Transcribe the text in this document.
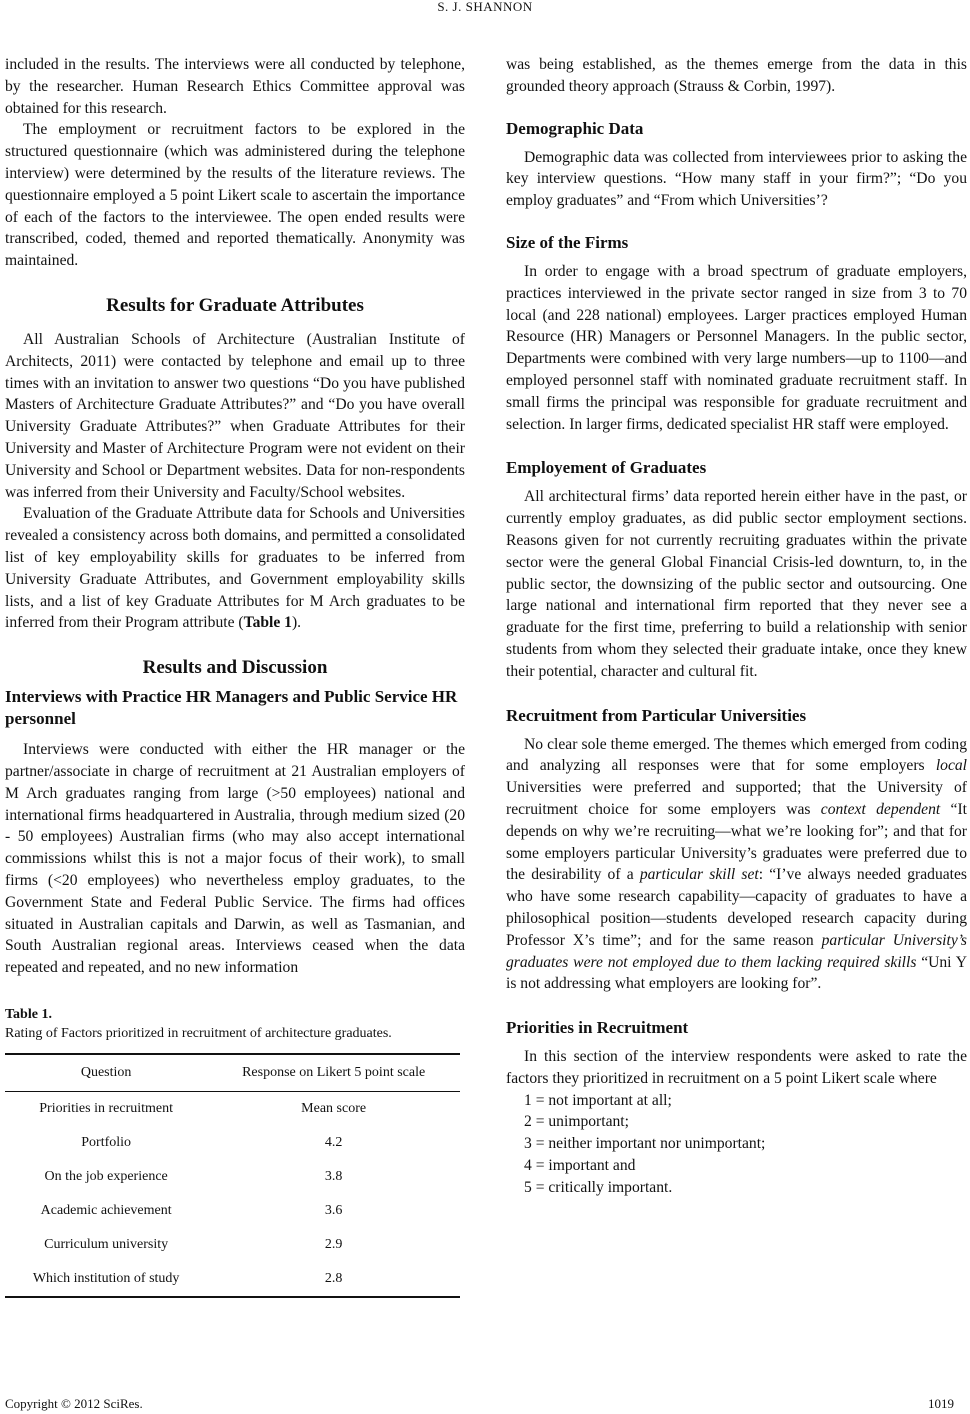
S. J. SHANNON

included in the results. The interviews were all conducted by telephone, by the researcher. Human Research Ethics Committee approval was obtained for this research.

The employment or recruitment factors to be explored in the structured questionnaire (which was administered during the telephone interview) were determined by the results of the literature reviews. The questionnaire employed a 5 point Likert scale to ascertain the importance of each of the factors to the interviewee. The open ended results were transcribed, coded, themed and reported thematically. Anonymity was maintained.

Results for Graduate Attributes

All Australian Schools of Architecture (Australian Institute of Architects, 2011) were contacted by telephone and email up to three times with an invitation to answer two questions “Do you have published Masters of Architecture Graduate Attributes?” and “Do you have overall University Graduate Attributes?” when Graduate Attributes for their University and Master of Architecture Program were not evident on their University and School or Department websites. Data for non-respondents was inferred from their University and Faculty/School websites.

Evaluation of the Graduate Attribute data for Schools and Universities revealed a consistency across both domains, and permitted a consolidated list of key employability skills for graduates to be inferred from University Graduate Attributes, and Government employability skills lists, and a list of key Graduate Attributes for M Arch graduates to be inferred from their Program attribute (Table 1).

Results and Discussion
Interviews with Practice HR Managers and Public Service HR personnel

Interviews were conducted with either the HR manager or the partner/associate in charge of recruitment at 21 Australian employers of M Arch graduates ranging from large (>50 employees) national and international firms headquartered in Australia, through medium sized (20 - 50 employees) Australian firms (who may also accept international commissions whilst this is not a major focus of their work), to small firms (<20 employees) who nevertheless employ graduates, to the Government State and Federal Public Service. The firms had offices situated in Australian capitals and Darwin, as well as Tasmanian, and South Australian regional areas. Interviews ceased when the data repeated and repeated, and no new information

Table 1.
Rating of Factors prioritized in recruitment of architecture graduates.
Question	Response on Likert 5 point scale
Priorities in recruitment	Mean score
Portfolio	4.2
On the job experience	3.8
Academic achievement	3.6
Curriculum university	2.9
Which institution of study	2.8

was being established, as the themes emerge from the data in this grounded theory approach (Strauss & Corbin, 1997).

Demographic Data

Demographic data was collected from interviewees prior to asking the key interview questions. “How many staff in your firm?”; “Do you employ graduates” and “From which Universities’?

Size of the Firms

In order to engage with a broad spectrum of graduate employers, practices interviewed in the private sector ranged in size from 3 to 70 local (and 228 national) employees. Larger practices employed Human Resource (HR) Managers or Personnel Managers. In the public sector, Departments were combined with very large numbers—up to 1100—and employed personnel staff with nominated graduate recruitment staff. In small firms the principal was responsible for graduate recruitment and selection. In larger firms, dedicated specialist HR staff were employed.

Employement of Graduates

All architectural firms’ data reported herein either have in the past, or currently employ graduates, as did public sector employment sections. Reasons given for not currently recruiting graduates within the private sector were the general Global Financial Crisis-led downturn, to, in the public sector, the downsizing of the public sector and outsourcing. One large national and international firm reported that they never see a graduate for the first time, preferring to build a relationship with senior students from whom they selected their graduate intake, once they knew their potential, character and cultural fit.

Recruitment from Particular Universities

No clear sole theme emerged. The themes which emerged from coding and analyzing all responses were that for some employers local Universities were preferred and supported; that the University of recruitment choice for some employers was context dependent “It depends on why we’re recruiting—what we’re looking for”; and that for some employers particular University’s graduates were preferred due to the desirability of a particular skill set: “I’ve always needed graduates who have some research capability—capacity of graduates to have a philosophical position—students developed research capacity during Professor X’s time”; and for the same reason particular University’s graduates were not employed due to them lacking required skills “Uni Y is not addressing what employers are looking for”.

Priorities in Recruitment

In this section of the interview respondents were asked to rate the factors they prioritized in recruitment on a 5 point Likert scale where

1 = not important at all;
2 = unimportant;
3 = neither important nor unimportant;
4 = important and
5 = critically important.
Copyright © 2012 SciRes.	1019
